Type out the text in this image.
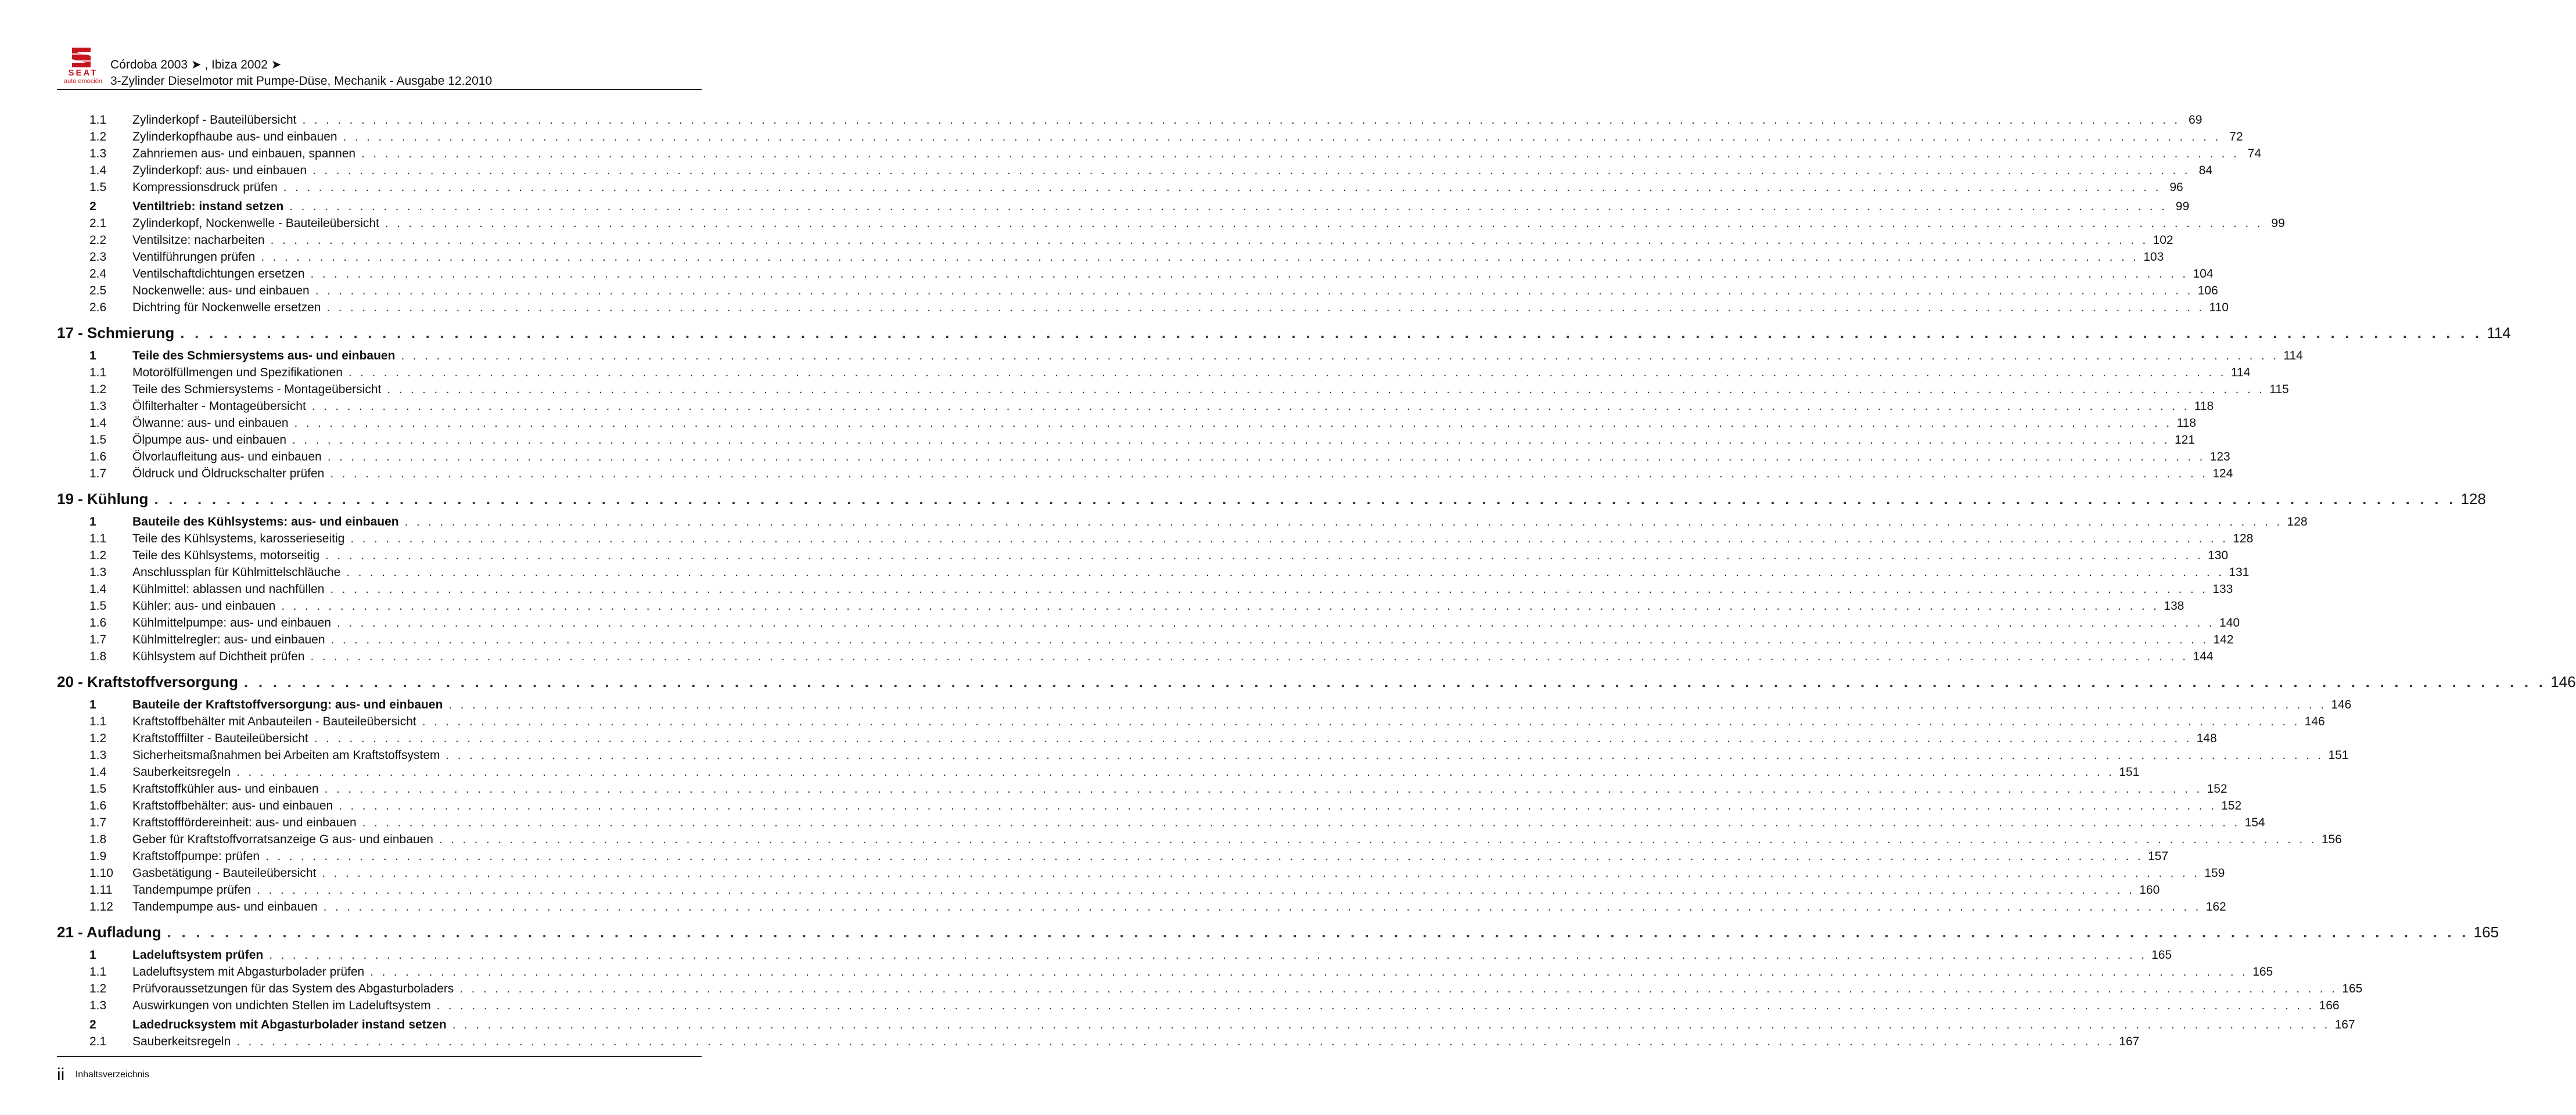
SEAT
auto emoción
Córdoba 2003 ➤ , Ibiza 2002 ➤
3-Zylinder Dieselmotor mit Pumpe-Düse, Mechanik - Ausgabe 12.2010
1.1 Zylinderkopf - Bauteilübersicht . . . . . . . . . . . . . . . . . . . . . . . . . . . . . . . . . . . . . . . . . . . . . . . . . . . . . . . . . . . . . . . . . . . . . . . . . . . . . . . . . . . . . . . . . . . . . . . . . . . . . . . . . . . . . . . . . . . . . . . . . . . . . . . . . . . . . . . . . . . . . . . . . . . . . . . . . . . . . . . . 69
1.2 Zylinderkopfhaube aus- und einbauen . . . . . . . . . . . . . . . . . . . . . . . . . . . . . . . . . . . . . . . . . . . . . . . . . . . . . . . . . . . . . . . . . . . . . . . . . . . . . . . . . . . . . . . . . . . . . . . . . . . . . . . . . . . . . . . . . . . . . . . . . . . . . . . . . . . . . . . . . . . . . . . . . . . . . . . . . . . . . . . . 72
1.3 Zahnriemen aus- und einbauen, spannen . . . . . . . . . . . . . . . . . . . . . . . . . . . . . . . . . . . . . . . . . . . . . . . . . . . . . . . . . . . . . . . . . . . . . . . . . . . . . . . . . . . . . . . . . . . . . . . . . . . . . . . . . . . . . . . . . . . . . . . . . . . . . . . . . . . . . . . . . . . . . . . . . . . . . . . . . . . . . . . . 74
1.4 Zylinderkopf: aus- und einbauen . . . . . . . . . . . . . . . . . . . . . . . . . . . . . . . . . . . . . . . . . . . . . . . . . . . . . . . . . . . . . . . . . . . . . . . . . . . . . . . . . . . . . . . . . . . . . . . . . . . . . . . . . . . . . . . . . . . . . . . . . . . . . . . . . . . . . . . . . . . . . . . . . . . . . . . . . . . . . . . . 84
1.5 Kompressionsdruck prüfen . . . . . . . . . . . . . . . . . . . . . . . . . . . . . . . . . . . . . . . . . . . . . . . . . . . . . . . . . . . . . . . . . . . . . . . . . . . . . . . . . . . . . . . . . . . . . . . . . . . . . . . . . . . . . . . . . . . . . . . . . . . . . . . . . . . . . . . . . . . . . . . . . . . . . . . . . . . . . . . . 96
2	Ventiltrieb: instand setzen . . . . . . . . . . . . . . . . . . . . . . . . . . . . . . . . . . . . . . . . . . . . . . . . . . . . . . . . . . . . . . . . . . . . . . . . . . . . . . . . . . . . . . . . . . . . . . . . . . . . . . . . . . . . . . . . . . . . . . . . . . . . . . . . . . . . . . . . . . . . . . . . . . . . . . . . . . . . . . . . 99
2.1 Zylinderkopf, Nockenwelle - Bauteileübersicht . . . . . . . . . . . . . . . . . . . . . . . . . . . . . . . . . . . . . . . . . . . . . . . . . . . . . . . . . . . . . . . . . . . . . . . . . . . . . . . . . . . . . . . . . . . . . . . . . . . . . . . . . . . . . . . . . . . . . . . . . . . . . . . . . . . . . . . . . . . . . . . . . . . . . . . . . . . . . . . . 99
2.2 Ventilsitze: nacharbeiten . . . . . . . . . . . . . . . . . . . . . . . . . . . . . . . . . . . . . . . . . . . . . . . . . . . . . . . . . . . . . . . . . . . . . . . . . . . . . . . . . . . . . . . . . . . . . . . . . . . . . . . . . . . . . . . . . . . . . . . . . . . . . . . . . . . . . . . . . . . . . . . . . . . . . . . . . . . . . . . . 102
2.3 Ventilführungen prüfen . . . . . . . . . . . . . . . . . . . . . . . . . . . . . . . . . . . . . . . . . . . . . . . . . . . . . . . . . . . . . . . . . . . . . . . . . . . . . . . . . . . . . . . . . . . . . . . . . . . . . . . . . . . . . . . . . . . . . . . . . . . . . . . . . . . . . . . . . . . . . . . . . . . . . . . . . . . . . . . . 103
2.4 Ventilschaftdichtungen ersetzen . . . . . . . . . . . . . . . . . . . . . . . . . . . . . . . . . . . . . . . . . . . . . . . . . . . . . . . . . . . . . . . . . . . . . . . . . . . . . . . . . . . . . . . . . . . . . . . . . . . . . . . . . . . . . . . . . . . . . . . . . . . . . . . . . . . . . . . . . . . . . . . . . . . . . . . . . . . . . . . . 104
2.5 Nockenwelle: aus- und einbauen . . . . . . . . . . . . . . . . . . . . . . . . . . . . . . . . . . . . . . . . . . . . . . . . . . . . . . . . . . . . . . . . . . . . . . . . . . . . . . . . . . . . . . . . . . . . . . . . . . . . . . . . . . . . . . . . . . . . . . . . . . . . . . . . . . . . . . . . . . . . . . . . . . . . . . . . . . . . . . . . 106
2.6 Dichtring für Nockenwelle ersetzen . . . . . . . . . . . . . . . . . . . . . . . . . . . . . . . . . . . . . . . . . . . . . . . . . . . . . . . . . . . . . . . . . . . . . . . . . . . . . . . . . . . . . . . . . . . . . . . . . . . . . . . . . . . . . . . . . . . . . . . . . . . . . . . . . . . . . . . . . . . . . . . . . . . . . . . . . . . . . . . . 110
17 - Schmierung . . . . . . . . . . . . . . . . . . . . . . . . . . . . . . . . . . . . . . . . . . . . . . . . . . . . . . . . . . . . . . . . . . . . . . . . . . . . . . . . . . . . . . . . . . . . . . . . . . . . . . . . . . . . . . . . . . . . . . . . . . . . . . . . . . . . . . . . . . . . . . . . . . . . . . . . . . . . . . . . 114
1	Teile des Schmiersystems aus- und einbauen . . . . . . . . . . . . . . . . . . . . . . . . . . . . . . . . . . . . . . . . . . . . . . . . . . . . . . . . . . . . . . . . . . . . . . . . . . . . . . . . . . . . . . . . . . . . . . . . . . . . . . . . . . . . . . . . . . . . . . . . . . . . . . . . . . . . . . . . . . . . . . . . . . . . . . . . . . . . . . . . 114
1.1 Motorölfüllmengen und Spezifikationen . . . . . . . . . . . . . . . . . . . . . . . . . . . . . . . . . . . . . . . . . . . . . . . . . . . . . . . . . . . . . . . . . . . . . . . . . . . . . . . . . . . . . . . . . . . . . . . . . . . . . . . . . . . . . . . . . . . . . . . . . . . . . . . . . . . . . . . . . . . . . . . . . . . . . . . . . . . . . . . . 114
1.2 Teile des Schmiersystems - Montageübersicht . . . . . . . . . . . . . . . . . . . . . . . . . . . . . . . . . . . . . . . . . . . . . . . . . . . . . . . . . . . . . . . . . . . . . . . . . . . . . . . . . . . . . . . . . . . . . . . . . . . . . . . . . . . . . . . . . . . . . . . . . . . . . . . . . . . . . . . . . . . . . . . . . . . . . . . . . . . . . . . . 115
1.3 Ölfilterhalter - Montageübersicht . . . . . . . . . . . . . . . . . . . . . . . . . . . . . . . . . . . . . . . . . . . . . . . . . . . . . . . . . . . . . . . . . . . . . . . . . . . . . . . . . . . . . . . . . . . . . . . . . . . . . . . . . . . . . . . . . . . . . . . . . . . . . . . . . . . . . . . . . . . . . . . . . . . . . . . . . . . . . . . . 118
1.4 Ölwanne: aus- und einbauen . . . . . . . . . . . . . . . . . . . . . . . . . . . . . . . . . . . . . . . . . . . . . . . . . . . . . . . . . . . . . . . . . . . . . . . . . . . . . . . . . . . . . . . . . . . . . . . . . . . . . . . . . . . . . . . . . . . . . . . . . . . . . . . . . . . . . . . . . . . . . . . . . . . . . . . . . . . . . . . . 118
1.5 Ölpumpe aus- und einbauen . . . . . . . . . . . . . . . . . . . . . . . . . . . . . . . . . . . . . . . . . . . . . . . . . . . . . . . . . . . . . . . . . . . . . . . . . . . . . . . . . . . . . . . . . . . . . . . . . . . . . . . . . . . . . . . . . . . . . . . . . . . . . . . . . . . . . . . . . . . . . . . . . . . . . . . . . . . . . . . . 121
1.6 Ölvorlaufleitung aus- und einbauen . . . . . . . . . . . . . . . . . . . . . . . . . . . . . . . . . . . . . . . . . . . . . . . . . . . . . . . . . . . . . . . . . . . . . . . . . . . . . . . . . . . . . . . . . . . . . . . . . . . . . . . . . . . . . . . . . . . . . . . . . . . . . . . . . . . . . . . . . . . . . . . . . . . . . . . . . . . . . . . . 123
1.7 Öldruck und Öldruckschalter prüfen . . . . . . . . . . . . . . . . . . . . . . . . . . . . . . . . . . . . . . . . . . . . . . . . . . . . . . . . . . . . . . . . . . . . . . . . . . . . . . . . . . . . . . . . . . . . . . . . . . . . . . . . . . . . . . . . . . . . . . . . . . . . . . . . . . . . . . . . . . . . . . . . . . . . . . . . . . . . . . . . 124
19 - Kühlung . . . . . . . . . . . . . . . . . . . . . . . . . . . . . . . . . . . . . . . . . . . . . . . . . . . . . . . . . . . . . . . . . . . . . . . . . . . . . . . . . . . . . . . . . . . . . . . . . . . . . . . . . . . . . . . . . . . . . . . . . . . . . . . . . . . . . . . . . . . . . . . . . . . . . . . . . . . . . . . . 128
1	Bauteile des Kühlsystems: aus- und einbauen . . . . . . . . . . . . . . . . . . . . . . . . . . . . . . . . . . . . . . . . . . . . . . . . . . . . . . . . . . . . . . . . . . . . . . . . . . . . . . . . . . . . . . . . . . . . . . . . . . . . . . . . . . . . . . . . . . . . . . . . . . . . . . . . . . . . . . . . . . . . . . . . . . . . . . . . . . . . . . . . 128
1.1 Teile des Kühlsystems, karosserieseitig . . . . . . . . . . . . . . . . . . . . . . . . . . . . . . . . . . . . . . . . . . . . . . . . . . . . . . . . . . . . . . . . . . . . . . . . . . . . . . . . . . . . . . . . . . . . . . . . . . . . . . . . . . . . . . . . . . . . . . . . . . . . . . . . . . . . . . . . . . . . . . . . . . . . . . . . . . . . . . . . 128
1.2 Teile des Kühlsystems, motorseitig . . . . . . . . . . . . . . . . . . . . . . . . . . . . . . . . . . . . . . . . . . . . . . . . . . . . . . . . . . . . . . . . . . . . . . . . . . . . . . . . . . . . . . . . . . . . . . . . . . . . . . . . . . . . . . . . . . . . . . . . . . . . . . . . . . . . . . . . . . . . . . . . . . . . . . . . . . . . . . . . 130
1.3 Anschlussplan für Kühlmittelschläuche . . . . . . . . . . . . . . . . . . . . . . . . . . . . . . . . . . . . . . . . . . . . . . . . . . . . . . . . . . . . . . . . . . . . . . . . . . . . . . . . . . . . . . . . . . . . . . . . . . . . . . . . . . . . . . . . . . . . . . . . . . . . . . . . . . . . . . . . . . . . . . . . . . . . . . . . . . . . . . . . 131
1.4 Kühlmittel: ablassen und nachfüllen . . . . . . . . . . . . . . . . . . . . . . . . . . . . . . . . . . . . . . . . . . . . . . . . . . . . . . . . . . . . . . . . . . . . . . . . . . . . . . . . . . . . . . . . . . . . . . . . . . . . . . . . . . . . . . . . . . . . . . . . . . . . . . . . . . . . . . . . . . . . . . . . . . . . . . . . . . . . . . . . 133
1.5 Kühler: aus- und einbauen . . . . . . . . . . . . . . . . . . . . . . . . . . . . . . . . . . . . . . . . . . . . . . . . . . . . . . . . . . . . . . . . . . . . . . . . . . . . . . . . . . . . . . . . . . . . . . . . . . . . . . . . . . . . . . . . . . . . . . . . . . . . . . . . . . . . . . . . . . . . . . . . . . . . . . . . . . . . . . . . 138
1.6 Kühlmittelpumpe: aus- und einbauen . . . . . . . . . . . . . . . . . . . . . . . . . . . . . . . . . . . . . . . . . . . . . . . . . . . . . . . . . . . . . . . . . . . . . . . . . . . . . . . . . . . . . . . . . . . . . . . . . . . . . . . . . . . . . . . . . . . . . . . . . . . . . . . . . . . . . . . . . . . . . . . . . . . . . . . . . . . . . . . . 140
1.7 Kühlmittelregler: aus- und einbauen . . . . . . . . . . . . . . . . . . . . . . . . . . . . . . . . . . . . . . . . . . . . . . . . . . . . . . . . . . . . . . . . . . . . . . . . . . . . . . . . . . . . . . . . . . . . . . . . . . . . . . . . . . . . . . . . . . . . . . . . . . . . . . . . . . . . . . . . . . . . . . . . . . . . . . . . . . . . . . . . 142
1.8 Kühlsystem auf Dichtheit prüfen . . . . . . . . . . . . . . . . . . . . . . . . . . . . . . . . . . . . . . . . . . . . . . . . . . . . . . . . . . . . . . . . . . . . . . . . . . . . . . . . . . . . . . . . . . . . . . . . . . . . . . . . . . . . . . . . . . . . . . . . . . . . . . . . . . . . . . . . . . . . . . . . . . . . . . . . . . . . . . . . 144
20 - Kraftstoffversorgung . . . . . . . . . . . . . . . . . . . . . . . . . . . . . . . . . . . . . . . . . . . . . . . . . . . . . . . . . . . . . . . . . . . . . . . . . . . . . . . . . . . . . . . . . . . . . . . . . . . . . . . . . . . . . . . . . . . . . . . . . . . . . . . . . . . . . . . . . . . . . . . . . . . . . . . . . . . . . . . . 146
1	Bauteile der Kraftstoffversorgung: aus- und einbauen . . . . . . . . . . . . . . . . . . . . . . . . . . . . . . . . . . . . . . . . . . . . . . . . . . . . . . . . . . . . . . . . . . . . . . . . . . . . . . . . . . . . . . . . . . . . . . . . . . . . . . . . . . . . . . . . . . . . . . . . . . . . . . . . . . . . . . . . . . . . . . . . . . . . . . . . . . . . . . . . 146
1.1 Kraftstoffbehälter mit Anbauteilen - Bauteileübersicht . . . . . . . . . . . . . . . . . . . . . . . . . . . . . . . . . . . . . . . . . . . . . . . . . . . . . . . . . . . . . . . . . . . . . . . . . . . . . . . . . . . . . . . . . . . . . . . . . . . . . . . . . . . . . . . . . . . . . . . . . . . . . . . . . . . . . . . . . . . . . . . . . . . . . . . . . . . . . . . . 146
1.2 Kraftstofffilter - Bauteileübersicht . . . . . . . . . . . . . . . . . . . . . . . . . . . . . . . . . . . . . . . . . . . . . . . . . . . . . . . . . . . . . . . . . . . . . . . . . . . . . . . . . . . . . . . . . . . . . . . . . . . . . . . . . . . . . . . . . . . . . . . . . . . . . . . . . . . . . . . . . . . . . . . . . . . . . . . . . . . . . . . . 148
1.3 Sicherheitsmaßnahmen bei Arbeiten am Kraftstoffsystem . . . . . . . . . . . . . . . . . . . . . . . . . . . . . . . . . . . . . . . . . . . . . . . . . . . . . . . . . . . . . . . . . . . . . . . . . . . . . . . . . . . . . . . . . . . . . . . . . . . . . . . . . . . . . . . . . . . . . . . . . . . . . . . . . . . . . . . . . . . . . . . . . . . . . . . . . . . . . . . . 151
1.4 Sauberkeitsregeln . . . . . . . . . . . . . . . . . . . . . . . . . . . . . . . . . . . . . . . . . . . . . . . . . . . . . . . . . . . . . . . . . . . . . . . . . . . . . . . . . . . . . . . . . . . . . . . . . . . . . . . . . . . . . . . . . . . . . . . . . . . . . . . . . . . . . . . . . . . . . . . . . . . . . . . . . . . . . . . . 151
1.5 Kraftstoffkühler aus- und einbauen . . . . . . . . . . . . . . . . . . . . . . . . . . . . . . . . . . . . . . . . . . . . . . . . . . . . . . . . . . . . . . . . . . . . . . . . . . . . . . . . . . . . . . . . . . . . . . . . . . . . . . . . . . . . . . . . . . . . . . . . . . . . . . . . . . . . . . . . . . . . . . . . . . . . . . . . . . . . . . . . 152
1.6 Kraftstoffbehälter: aus- und einbauen . . . . . . . . . . . . . . . . . . . . . . . . . . . . . . . . . . . . . . . . . . . . . . . . . . . . . . . . . . . . . . . . . . . . . . . . . . . . . . . . . . . . . . . . . . . . . . . . . . . . . . . . . . . . . . . . . . . . . . . . . . . . . . . . . . . . . . . . . . . . . . . . . . . . . . . . . . . . . . . . 152
1.7 Kraftstofffördereinheit: aus- und einbauen . . . . . . . . . . . . . . . . . . . . . . . . . . . . . . . . . . . . . . . . . . . . . . . . . . . . . . . . . . . . . . . . . . . . . . . . . . . . . . . . . . . . . . . . . . . . . . . . . . . . . . . . . . . . . . . . . . . . . . . . . . . . . . . . . . . . . . . . . . . . . . . . . . . . . . . . . . . . . . . . 154
1.8 Geber für Kraftstoffvorratsanzeige G aus- und einbauen . . . . . . . . . . . . . . . . . . . . . . . . . . . . . . . . . . . . . . . . . . . . . . . . . . . . . . . . . . . . . . . . . . . . . . . . . . . . . . . . . . . . . . . . . . . . . . . . . . . . . . . . . . . . . . . . . . . . . . . . . . . . . . . . . . . . . . . . . . . . . . . . . . . . . . . . . . . . . . . . 156
1.9 Kraftstoffpumpe: prüfen . . . . . . . . . . . . . . . . . . . . . . . . . . . . . . . . . . . . . . . . . . . . . . . . . . . . . . . . . . . . . . . . . . . . . . . . . . . . . . . . . . . . . . . . . . . . . . . . . . . . . . . . . . . . . . . . . . . . . . . . . . . . . . . . . . . . . . . . . . . . . . . . . . . . . . . . . . . . . . . . 157
1.10 Gasbetätigung - Bauteileübersicht . . . . . . . . . . . . . . . . . . . . . . . . . . . . . . . . . . . . . . . . . . . . . . . . . . . . . . . . . . . . . . . . . . . . . . . . . . . . . . . . . . . . . . . . . . . . . . . . . . . . . . . . . . . . . . . . . . . . . . . . . . . . . . . . . . . . . . . . . . . . . . . . . . . . . . . . . . . . . . . . 159
1.11 Tandempumpe prüfen . . . . . . . . . . . . . . . . . . . . . . . . . . . . . . . . . . . . . . . . . . . . . . . . . . . . . . . . . . . . . . . . . . . . . . . . . . . . . . . . . . . . . . . . . . . . . . . . . . . . . . . . . . . . . . . . . . . . . . . . . . . . . . . . . . . . . . . . . . . . . . . . . . . . . . . . . . . . . . . . 160
1.12 Tandempumpe aus- und einbauen . . . . . . . . . . . . . . . . . . . . . . . . . . . . . . . . . . . . . . . . . . . . . . . . . . . . . . . . . . . . . . . . . . . . . . . . . . . . . . . . . . . . . . . . . . . . . . . . . . . . . . . . . . . . . . . . . . . . . . . . . . . . . . . . . . . . . . . . . . . . . . . . . . . . . . . . . . . . . . . . 162
21 - Aufladung . . . . . . . . . . . . . . . . . . . . . . . . . . . . . . . . . . . . . . . . . . . . . . . . . . . . . . . . . . . . . . . . . . . . . . . . . . . . . . . . . . . . . . . . . . . . . . . . . . . . . . . . . . . . . . . . . . . . . . . . . . . . . . . . . . . . . . . . . . . . . . . . . . . . . . . . . . . . . . . . 165
1	Ladeluftsystem prüfen . . . . . . . . . . . . . . . . . . . . . . . . . . . . . . . . . . . . . . . . . . . . . . . . . . . . . . . . . . . . . . . . . . . . . . . . . . . . . . . . . . . . . . . . . . . . . . . . . . . . . . . . . . . . . . . . . . . . . . . . . . . . . . . . . . . . . . . . . . . . . . . . . . . . . . . . . . . . . . . . 165
1.1 Ladeluftsystem mit Abgasturbolader prüfen . . . . . . . . . . . . . . . . . . . . . . . . . . . . . . . . . . . . . . . . . . . . . . . . . . . . . . . . . . . . . . . . . . . . . . . . . . . . . . . . . . . . . . . . . . . . . . . . . . . . . . . . . . . . . . . . . . . . . . . . . . . . . . . . . . . . . . . . . . . . . . . . . . . . . . . . . . . . . . . . 165
1.2 Prüfvoraussetzungen für das System des Abgasturboladers . . . . . . . . . . . . . . . . . . . . . . . . . . . . . . . . . . . . . . . . . . . . . . . . . . . . . . . . . . . . . . . . . . . . . . . . . . . . . . . . . . . . . . . . . . . . . . . . . . . . . . . . . . . . . . . . . . . . . . . . . . . . . . . . . . . . . . . . . . . . . . . . . . . . . . . . . . . . . . . . 165
1.3 Auswirkungen von undichten Stellen im Ladeluftsystem . . . . . . . . . . . . . . . . . . . . . . . . . . . . . . . . . . . . . . . . . . . . . . . . . . . . . . . . . . . . . . . . . . . . . . . . . . . . . . . . . . . . . . . . . . . . . . . . . . . . . . . . . . . . . . . . . . . . . . . . . . . . . . . . . . . . . . . . . . . . . . . . . . . . . . . . . . . . . . . . 166
2	Ladedrucksystem mit Abgasturbolader instand setzen . . . . . . . . . . . . . . . . . . . . . . . . . . . . . . . . . . . . . . . . . . . . . . . . . . . . . . . . . . . . . . . . . . . . . . . . . . . . . . . . . . . . . . . . . . . . . . . . . . . . . . . . . . . . . . . . . . . . . . . . . . . . . . . . . . . . . . . . . . . . . . . . . . . . . . . . . . . . . . . . 167
2.1 Sauberkeitsregeln . . . . . . . . . . . . . . . . . . . . . . . . . . . . . . . . . . . . . . . . . . . . . . . . . . . . . . . . . . . . . . . . . . . . . . . . . . . . . . . . . . . . . . . . . . . . . . . . . . . . . . . . . . . . . . . . . . . . . . . . . . . . . . . . . . . . . . . . . . . . . . . . . . . . . . . . . . . . . . . . 167
ii Inhaltsverzeichnis
